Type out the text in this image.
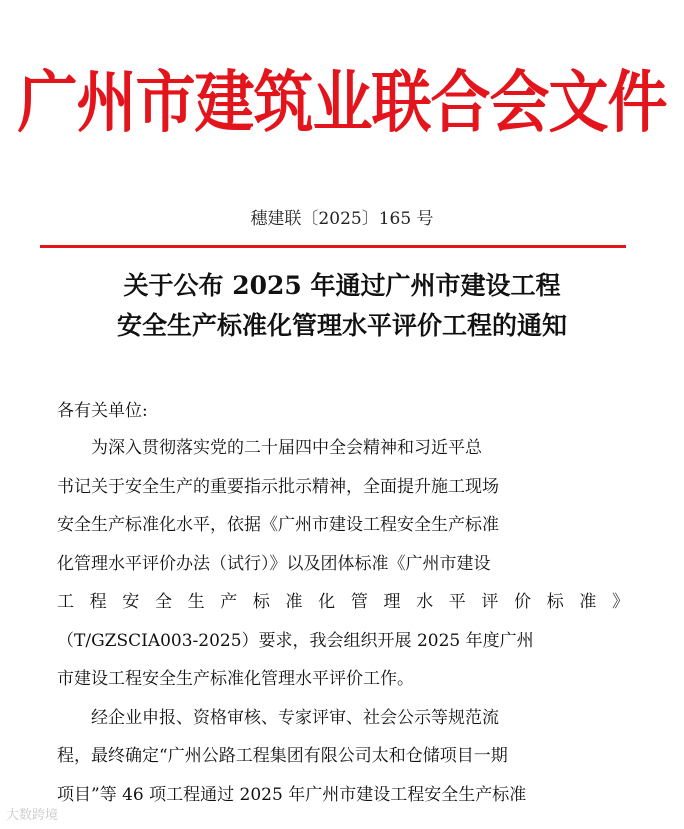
广州市建筑业联合会文件
穗建联〔2025〕165 号
关于公布 2025 年通过广州市建设工程
安全生产标准化管理水平评价工程的通知
各有关单位:
为深入贯彻落实党的二十届四中全会精神和习近平总
书记关于安全生产的重要指示批示精神，全面提升施工现场
安全生产标准化水平，依据《广州市建设工程安全生产标准
化管理水平评价办法（试行）》以及团体标准《广州市建设
工程安全生产标准化管理水平评价标准》
（T/GZSCIA003-2025）要求，我会组织开展 2025 年度广州
市建设工程安全生产标准化管理水平评价工作。
经企业申报、资格审核、专家评审、社会公示等规范流
程，最终确定“广州公路工程集团有限公司太和仓储项目一期
项目”等 46 项工程通过 2025 年广州市建设工程安全生产标准
大数跨境
